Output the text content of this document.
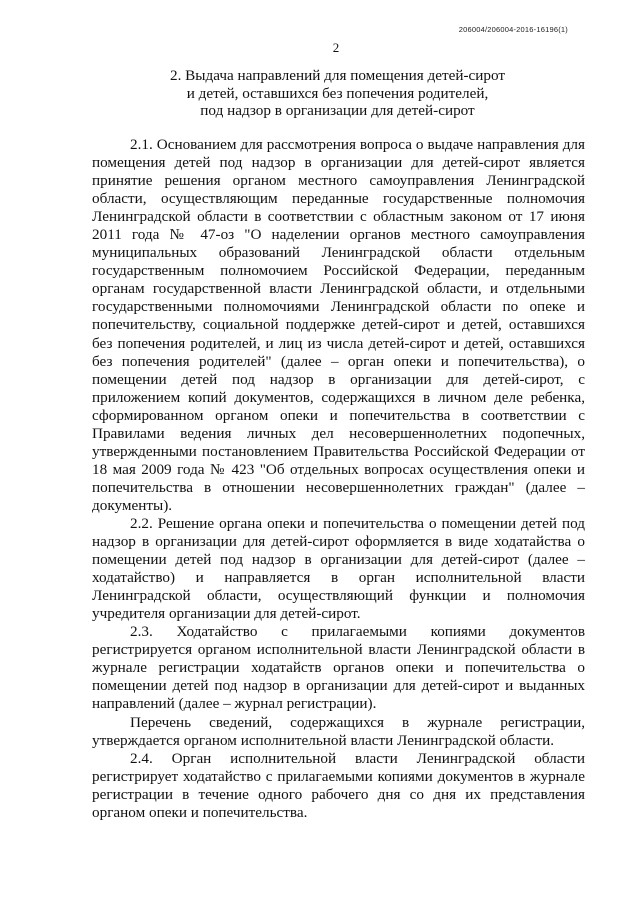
206004/206004-2016-16196(1)
2
2. Выдача направлений для помещения детей-сирот
и детей, оставшихся без попечения родителей,
под надзор в организации для детей-сирот

2.1. Основанием для рассмотрения вопроса о выдаче направления для помещения детей под надзор в организации для детей-сирот является принятие решения органом местного самоуправления Ленинградской области, осуществляющим переданные государственные полномочия Ленинградской области в соответствии с областным законом от 17 июня 2011 года № 47-оз "О наделении органов местного самоуправления муниципальных образований Ленинградской области отдельным государственным полномочием Российской Федерации, переданным органам государственной власти Ленинградской области, и отдельными государственными полномочиями Ленинградской области по опеке и попечительству, социальной поддержке детей-сирот и детей, оставшихся без попечения родителей, и лиц из числа детей-сирот и детей, оставшихся без попечения родителей" (далее – орган опеки и попечительства), о помещении детей под надзор в организации для детей-сирот, с приложением копий документов, содержащихся в личном деле ребенка, сформированном органом опеки и попечительства в соответствии с Правилами ведения личных дел несовершеннолетних подопечных, утвержденными постановлением Правительства Российской Федерации от 18 мая 2009 года № 423 "Об отдельных вопросах осуществления опеки и попечительства в отношении несовершеннолетних граждан" (далее – документы).

2.2. Решение органа опеки и попечительства о помещении детей под надзор в организации для детей-сирот оформляется в виде ходатайства о помещении детей под надзор в организации для детей-сирот (далее – ходатайство) и направляется в орган исполнительной власти Ленинградской области, осуществляющий функции и полномочия учредителя организации для детей-сирот.

2.3. Ходатайство с прилагаемыми копиями документов регистрируется органом исполнительной власти Ленинградской области в журнале регистрации ходатайств органов опеки и попечительства о помещении детей под надзор в организации для детей-сирот и выданных направлений (далее – журнал регистрации).

Перечень сведений, содержащихся в журнале регистрации, утверждается органом исполнительной власти Ленинградской области.

2.4. Орган исполнительной власти Ленинградской области регистрирует ходатайство с прилагаемыми копиями документов в журнале регистрации в течение одного рабочего дня со дня их представления органом опеки и попечительства.
